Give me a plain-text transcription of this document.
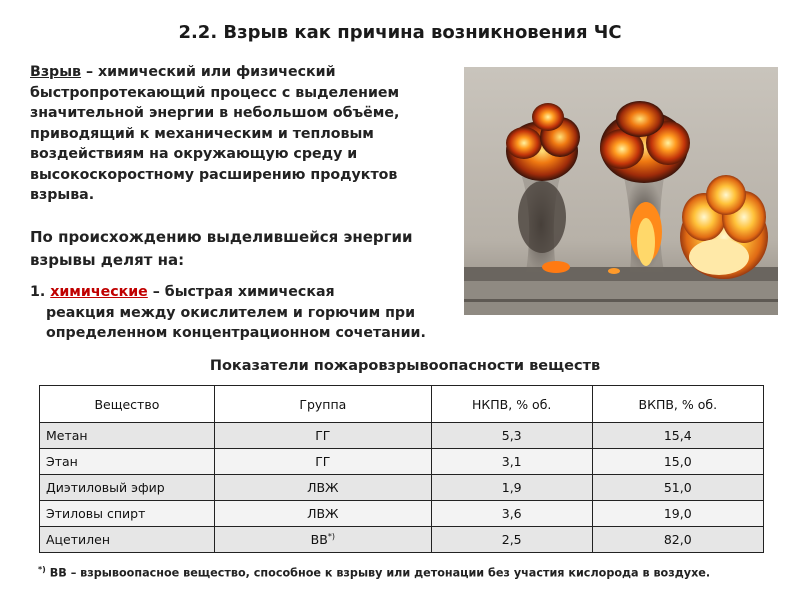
2.2. Взрыв как причина возникновения ЧС
Взрыв – химический или физический быстропротекающий процесс с выделением значительной энергии в небольшом объёме, приводящий к механическим и тепловым воздействиям на окружающую среду и высокоскоростному расширению продуктов взрыва.
По происхождению выделившейся энергии взрывы делят на:
1. химические – быстрая химическая
реакция между окислителем и горючим при определенном концентрационном сочетании.
Показатели пожаровзрывоопасности веществ
Вещество	Группа	НКПВ, % об.	ВКПВ, % об.
Метан	ГГ	5,3	15,4
Этан	ГГ	3,1	15,0
Диэтиловый эфир	ЛВЖ	1,9	51,0
Этиловы спирт	ЛВЖ	3,6	19,0
Ацетилен	ВВ*)	2,5	82,0
*) ВВ – взрывоопасное вещество, способное к взрыву или детонации без участия кислорода в воздухе.
